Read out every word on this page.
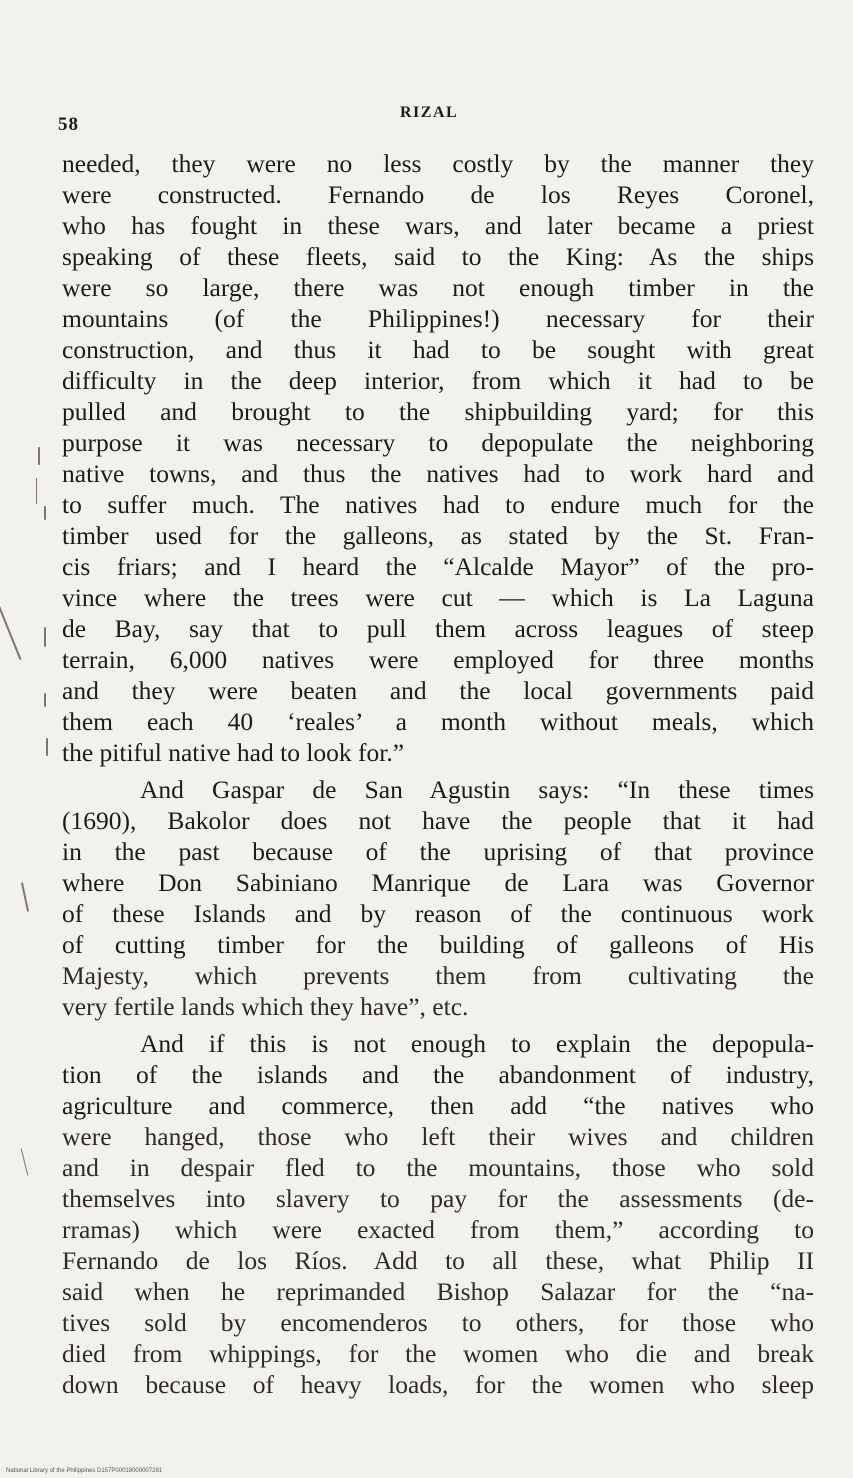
58
RIZAL
needed, they were no less costly by the manner they
were constructed. Fernando de los Reyes Coronel,
who has fought in these wars, and later became a priest
speaking of these fleets, said to the King: As the ships
were so large, there was not enough timber in the
mountains (of the Philippines!) necessary for their
construction, and thus it had to be sought with great
difficulty in the deep interior, from which it had to be
pulled and brought to the shipbuilding yard; for this
purpose it was necessary to depopulate the neighboring
native towns, and thus the natives had to work hard and
to suffer much. The natives had to endure much for the
timber used for the galleons, as stated by the St. Fran-
cis friars; and I heard the “Alcalde Mayor” of the pro-
vince where the trees were cut — which is La Laguna
de Bay, say that to pull them across leagues of steep
terrain, 6,000 natives were employed for three months
and they were beaten and the local governments paid
them each 40 ‘reales’ a month without meals, which
the pitiful native had to look for.”
And Gaspar de San Agustin says: “In these times
(1690), Bakolor does not have the people that it had
in the past because of the uprising of that province
where Don Sabiniano Manrique de Lara was Governor
of these Islands and by reason of the continuous work
of cutting timber for the building of galleons of His
Majesty, which prevents them from cultivating the
very fertile lands which they have”, etc.
And if this is not enough to explain the depopula-
tion of the islands and the abandonment of industry,
agriculture and commerce, then add “the natives who
were hanged, those who left their wives and children
and in despair fled to the mountains, those who sold
themselves into slavery to pay for the assessments (de-
rramas) which were exacted from them,” according to
Fernando de los Ríos. Add to all these, what Philip II
said when he reprimanded Bishop Salazar for the “na-
tives sold by encomenderos to others, for those who
died from whippings, for the women who die and break
down because of heavy loads, for the women who sleep
National Library of the Philippines D157P00018000007281
